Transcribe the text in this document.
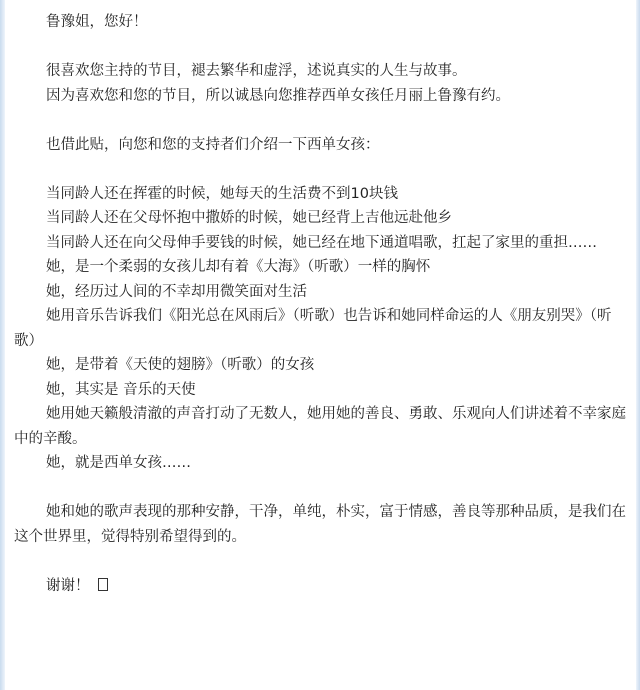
鲁豫姐，您好！

很喜欢您主持的节目，褪去繁华和虚浮，述说真实的人生与故事。

因为喜欢您和您的节目，所以诚恳向您推荐西单女孩任月丽上鲁豫有约。

也借此贴，向您和您的支持者们介绍一下西单女孩：

当同龄人还在挥霍的时候，她每天的生活费不到10块钱

当同龄人还在父母怀抱中撒娇的时候，她已经背上吉他远赴他乡

当同龄人还在向父母伸手要钱的时候，她已经在地下通道唱歌，扛起了家里的重担……

她，是一个柔弱的女孩儿却有着《大海》（听歌）一样的胸怀

她，经历过人间的不幸却用微笑面对生活

她用音乐告诉我们《阳光总在风雨后》（听歌）也告诉和她同样命运的人《朋友别哭》（听歌）

她，是带着《天使的翅膀》（听歌）的女孩

她，其实是 音乐的天使

她用她天籁般清澈的声音打动了无数人，她用她的善良、勇敢、乐观向人们讲述着不幸家庭中的辛酸。

她，就是西单女孩……

她和她的歌声表现的那种安静，干净，单纯，朴实，富于情感，善良等那种品质，是我们在这个世界里，觉得特别希望得到的。

谢谢！
